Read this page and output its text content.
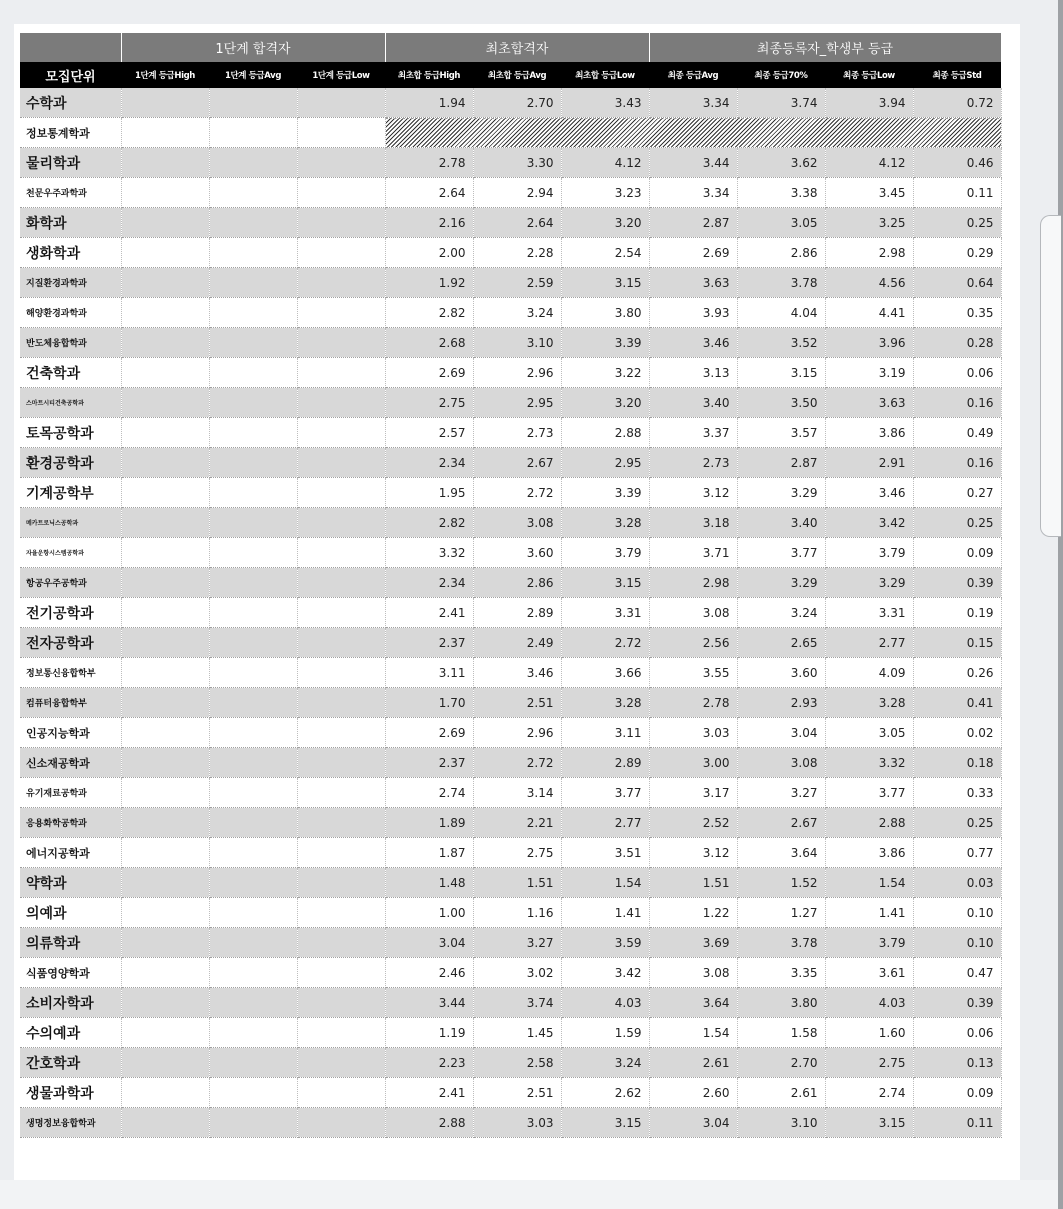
	1단계 합격자			최초합격자			최종등록자_학생부 등급			
모집단위	1단계 등급High	1단계 등급Avg	1단계 등급Low	최초합 등급High	최초합 등급Avg	최초합 등급Low	최종 등급Avg	최종 등급70%	최종 등급Low	최종 등급Std
수학과				1.94	2.70	3.43	3.34	3.74	3.94	0.72
정보통계학과										
물리학과				2.78	3.30	4.12	3.44	3.62	4.12	0.46
천문우주과학과				2.64	2.94	3.23	3.34	3.38	3.45	0.11
화학과				2.16	2.64	3.20	2.87	3.05	3.25	0.25
생화학과				2.00	2.28	2.54	2.69	2.86	2.98	0.29
지질환경과학과				1.92	2.59	3.15	3.63	3.78	4.56	0.64
해양환경과학과				2.82	3.24	3.80	3.93	4.04	4.41	0.35
반도체융합학과				2.68	3.10	3.39	3.46	3.52	3.96	0.28
건축학과				2.69	2.96	3.22	3.13	3.15	3.19	0.06
스마트시티건축공학과				2.75	2.95	3.20	3.40	3.50	3.63	0.16
토목공학과				2.57	2.73	2.88	3.37	3.57	3.86	0.49
환경공학과				2.34	2.67	2.95	2.73	2.87	2.91	0.16
기계공학부				1.95	2.72	3.39	3.12	3.29	3.46	0.27
메카트로닉스공학과				2.82	3.08	3.28	3.18	3.40	3.42	0.25
자율운항시스템공학과				3.32	3.60	3.79	3.71	3.77	3.79	0.09
항공우주공학과				2.34	2.86	3.15	2.98	3.29	3.29	0.39
전기공학과				2.41	2.89	3.31	3.08	3.24	3.31	0.19
전자공학과				2.37	2.49	2.72	2.56	2.65	2.77	0.15
정보통신융합학부				3.11	3.46	3.66	3.55	3.60	4.09	0.26
컴퓨터융합학부				1.70	2.51	3.28	2.78	2.93	3.28	0.41
인공지능학과				2.69	2.96	3.11	3.03	3.04	3.05	0.02
신소재공학과				2.37	2.72	2.89	3.00	3.08	3.32	0.18
유기재료공학과				2.74	3.14	3.77	3.17	3.27	3.77	0.33
응용화학공학과				1.89	2.21	2.77	2.52	2.67	2.88	0.25
에너지공학과				1.87	2.75	3.51	3.12	3.64	3.86	0.77
약학과				1.48	1.51	1.54	1.51	1.52	1.54	0.03
의예과				1.00	1.16	1.41	1.22	1.27	1.41	0.10
의류학과				3.04	3.27	3.59	3.69	3.78	3.79	0.10
식품영양학과				2.46	3.02	3.42	3.08	3.35	3.61	0.47
소비자학과				3.44	3.74	4.03	3.64	3.80	4.03	0.39
수의예과				1.19	1.45	1.59	1.54	1.58	1.60	0.06
간호학과				2.23	2.58	3.24	2.61	2.70	2.75	0.13
생물과학과				2.41	2.51	2.62	2.60	2.61	2.74	0.09
생명정보융합학과				2.88	3.03	3.15	3.04	3.10	3.15	0.11
